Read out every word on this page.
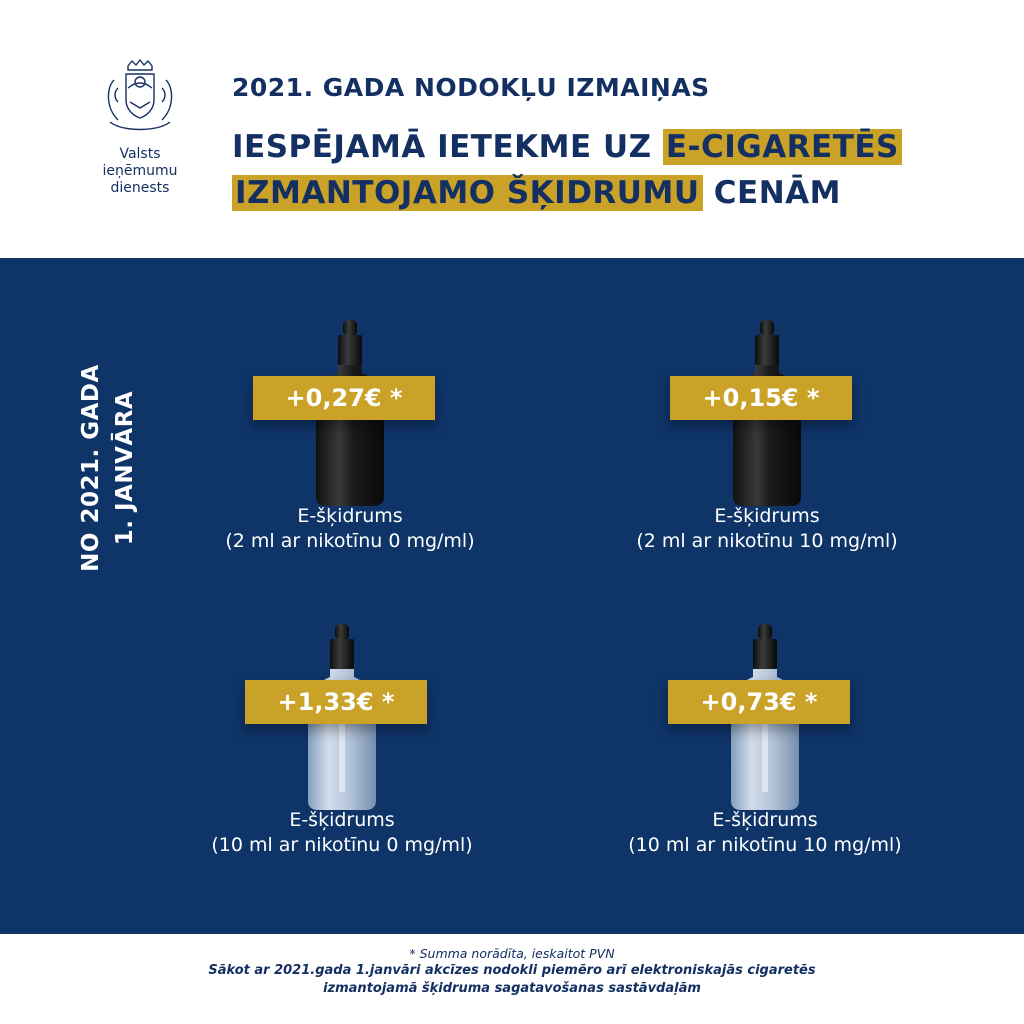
Valsts ieņēmumu
dienests
2021. GADA NODOKĻU IZMAIŅAS
IESPĒJAMĀ IETEKME UZ E-CIGARETĒS
IZMANTOJAMO ŠĶIDRUMU CENĀM
NO 2021. GADA 1. JANVĀRA	+0,27€ *
E-šķidrums
(2 ml ar nikotīnu 0 mg/ml)
+0,15€ *
E-šķidrums
(2 ml ar nikotīnu 10 mg/ml)
+1,33€ *
E-šķidrums
(10 ml ar nikotīnu 0 mg/ml)
+0,73€ *
E-šķidrums
(10 ml ar nikotīnu 10 mg/ml)
* Summa norādīta, ieskaitot PVN
Sākot ar 2021.gada 1.janvāri akcīzes nodokli piemēro arī elektroniskajās cigaretēs
izmantojamā šķidruma sagatavošanas sastāvdaļām
